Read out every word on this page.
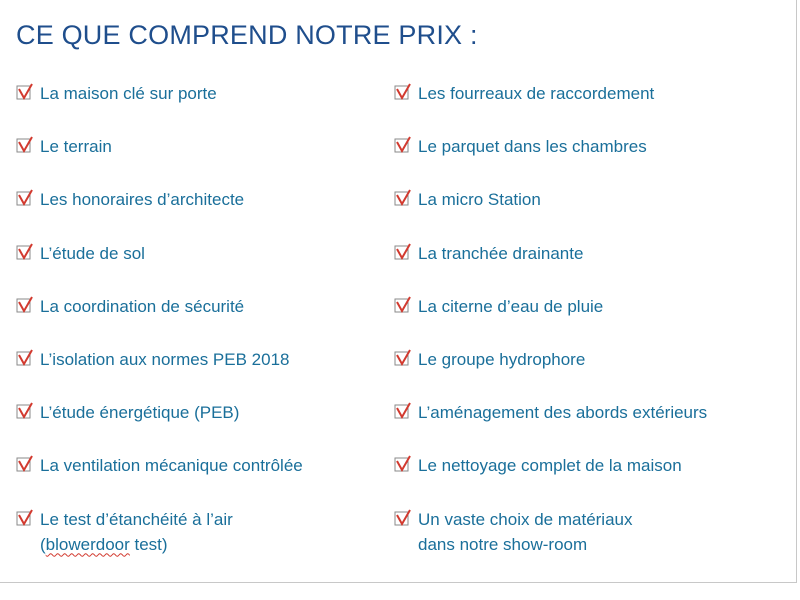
CE QUE COMPREND NOTRE PRIX :
La maison clé sur porte
Le terrain
Les honoraires d’architecte
L’étude de sol
La coordination de sécurité
L’isolation aux normes PEB 2018
L’étude énergétique (PEB)
La ventilation mécanique contrôlée
Le test d’étanchéité à l’air
(blowerdoor test)
Les fourreaux de raccordement
Le parquet dans les chambres
La micro Station
La tranchée drainante
La citerne d’eau de pluie
Le groupe hydrophore
L’aménagement des abords extérieurs
Le nettoyage complet de la maison
Un vaste choix de matériaux
dans notre show-room
